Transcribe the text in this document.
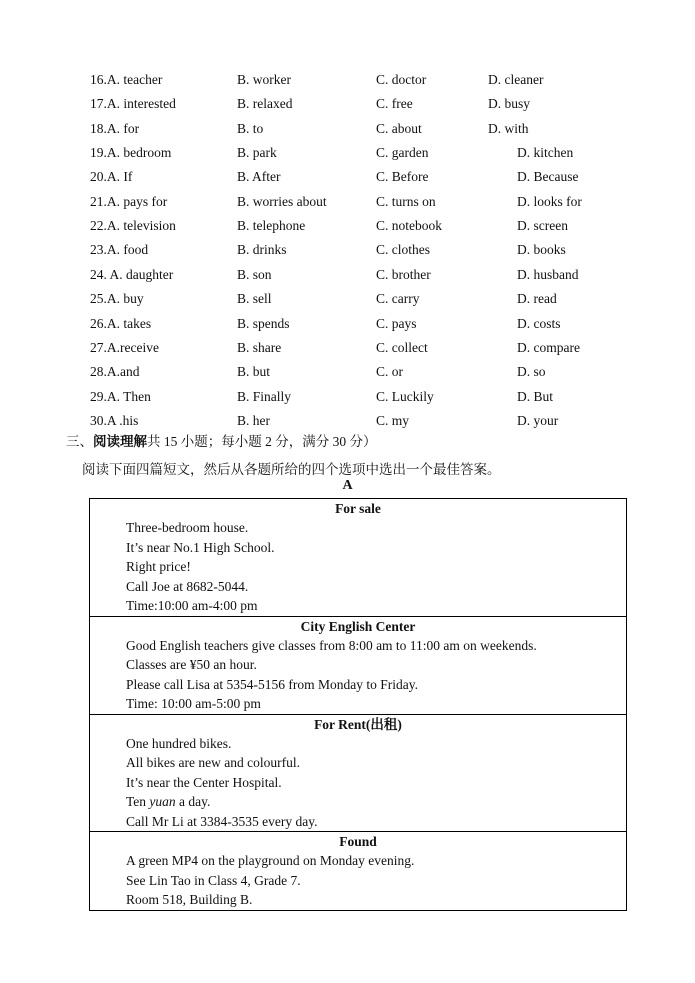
16.A. teacher	B. worker	C. doctor	D. cleaner
17.A. interested	B. relaxed	C. free	D. busy
18.A. for	B. to	C. about	D. with
19.A. bedroom	B. park	C. garden	D. kitchen
20.A. If	B. After	C. Before	D. Because
21.A. pays for	B. worries about	C. turns on	D. looks for
22.A. television	B. telephone	C. notebook	D. screen
23.A. food	B. drinks	C. clothes	D. books
24. A. daughter	B. son	C. brother	D. husband
25.A. buy	B. sell	C. carry	D. read
26.A. takes	B. spends	C. pays	D. costs
27.A.receive	B. share	C. collect	D. compare
28.A.and	B. but	C. or	D. so
29.A. Then	B. Finally	C. Luckily	D. But
30.A .his	B. her	C. my	D. your
三、阅读理解共 15 小题；每小题 2 分，满分 30 分）
阅读下面四篇短文，然后从各题所给的四个选项中选出一个最佳答案。
A
For sale
Three-bedroom house.
It’s near No.1 High School.
Right price!
Call Joe at 8682-5044.
Time:10:00 am-4:00 pm
City English Center
Good English teachers give classes from 8:00 am to 11:00 am on weekends.
Classes are ¥50 an hour.
Please call Lisa at 5354-5156 from Monday to Friday.
Time: 10:00 am-5:00 pm
For Rent(出租)
One hundred bikes.
All bikes are new and colourful.
It’s near the Center Hospital.
Ten yuan a day.
Call Mr Li at 3384-3535 every day.
Found
A green MP4 on the playground on Monday evening.
See Lin Tao in Class 4, Grade 7.
Room 518, Building B.
